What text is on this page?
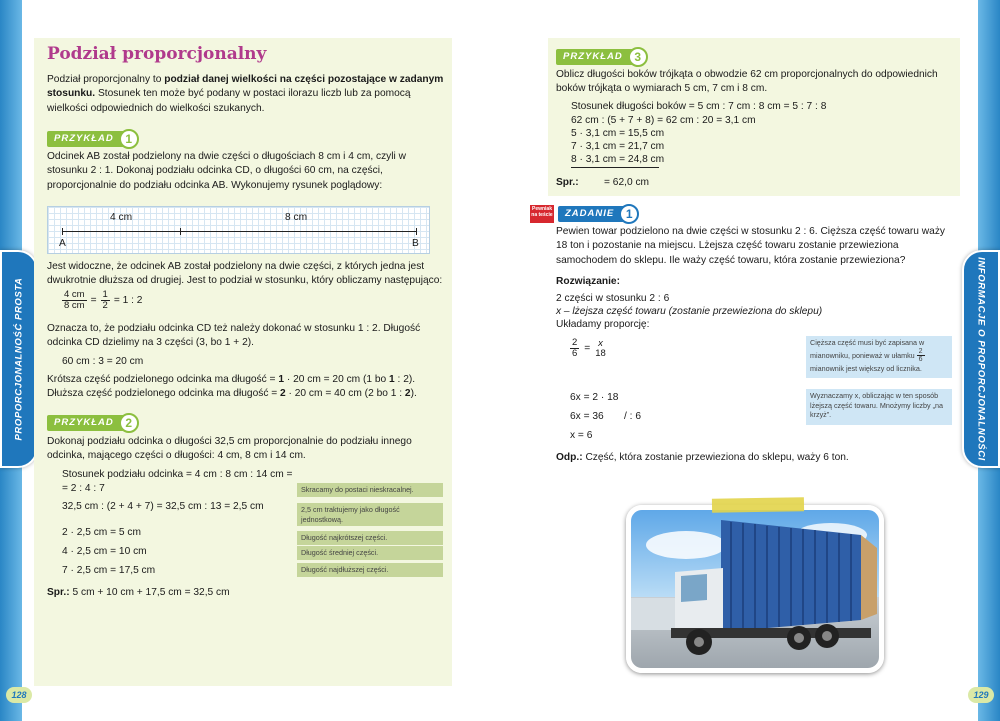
PROPORCJONALNOŚĆ PROSTA
128
Podział proporcjonalny
Podział proporcjonalny to podział danej wielkości na części pozostające w zadanym stosunku. Stosunek ten może być podany w postaci ilorazu liczb lub za pomocą wielkości odpowiednich do wielkości szukanych.
PRZYKŁAD 1
Odcinek AB został podzielony na dwie części o długościach 8 cm i 4 cm, czyli w stosunku 2 : 1. Dokonaj podziału odcinka CD, o długości 60 cm, na części, proporcjonalnie do podziału odcinka AB. Wykonujemy rysunek poglądowy:
4 cm	8 cm
A	B
Jest widoczne, że odcinek AB został podzielony na dwie części, z których jedna jest dwukrotnie dłuższa od drugiej. Jest to podział w stosunku, który obliczamy następująco:
$\frac{4 cm}{8 cm} = \frac{1}{2} = 1$ : 2
Oznacza to, że podziału odcinka CD też należy dokonać w stosunku 1 : 2. Długość odcinka CD dzielimy na 3 części (3, bo 1 + 2).
60 cm : 3 = 20 cm
Krótsza część podzielonego odcinka ma długość = 1 · 20 cm = 20 cm (1 bo 1 : 2).
Dłuższa część podzielonego odcinka ma długość = 2 · 20 cm = 40 cm (2 bo 1 : 2).
PRZYKŁAD 2
Dokonaj podziału odcinka o długości 32,5 cm proporcjonalnie do podziału innego odcinka, mającego części o długości: 4 cm, 8 cm i 14 cm.
Stosunek podziału odcinka = 4 cm : 8 cm : 14 cm =
= 2 : 4 : 7
32,5 cm : (2 + 4 + 7) = 32,5 cm : 13 = 2,5 cm
2 · 2,5 cm = 5 cm
4 · 2,5 cm = 10 cm
7 · 2,5 cm = 17,5 cm
Spr.: 5 cm + 10 cm + 17,5 cm = 32,5 cm
Skracamy do postaci nieskracalnej.
2,5 cm traktujemy jako długość jednostkową.
Długość najkrótszej części.
Długość średniej części.
Długość najdłuższej części.
INFORMACJE O PROPORCJONALNOŚCI
129
PRZYKŁAD 3
Oblicz długości boków trójkąta o obwodzie 62 cm proporcjonalnych do odpowiednich boków trójkąta o wymiarach 5 cm, 7 cm i 8 cm.
Stosunek długości boków = 5 cm : 7 cm : 8 cm = 5 : 7 : 8
62 cm : (5 + 7 + 8) = 62 cm : 20 = 3,1 cm
5 · 3,1 cm = 15,5 cm
7 · 3,1 cm = 21,7 cm
8 · 3,1 cm = 24,8 cm
Spr.: = 62,0 cm
Pewniak na teście	ZADANIE 1
Pewien towar podzielono na dwie części w stosunku 2 : 6. Cięższa część towaru waży 18 ton i pozostanie na miejscu. Lżejsza część towaru zostanie przewieziona samochodem do sklepu. Ile waży część towaru, która zostanie przewieziona?
Rozwiązanie:
2 części w stosunku 2 : 6
x – lżejsza część towaru (zostanie przewieziona do sklepu)
Układamy proporcję:
$\frac{2}{6} = x$
18
6x = 2 · 18
6x = 36 / : 6
x = 6
Odp.: Część, która zostanie przewieziona do sklepu, waży 6 ton.
Cięższa część musi być zapisana w mianowniku, ponieważ w ułamku $\frac{2}{6}$
mianownik jest większy od licznika.
Wyznaczamy x, obliczając w ten sposób lżejszą część towaru. Mnożymy liczby „na krzyż”.
